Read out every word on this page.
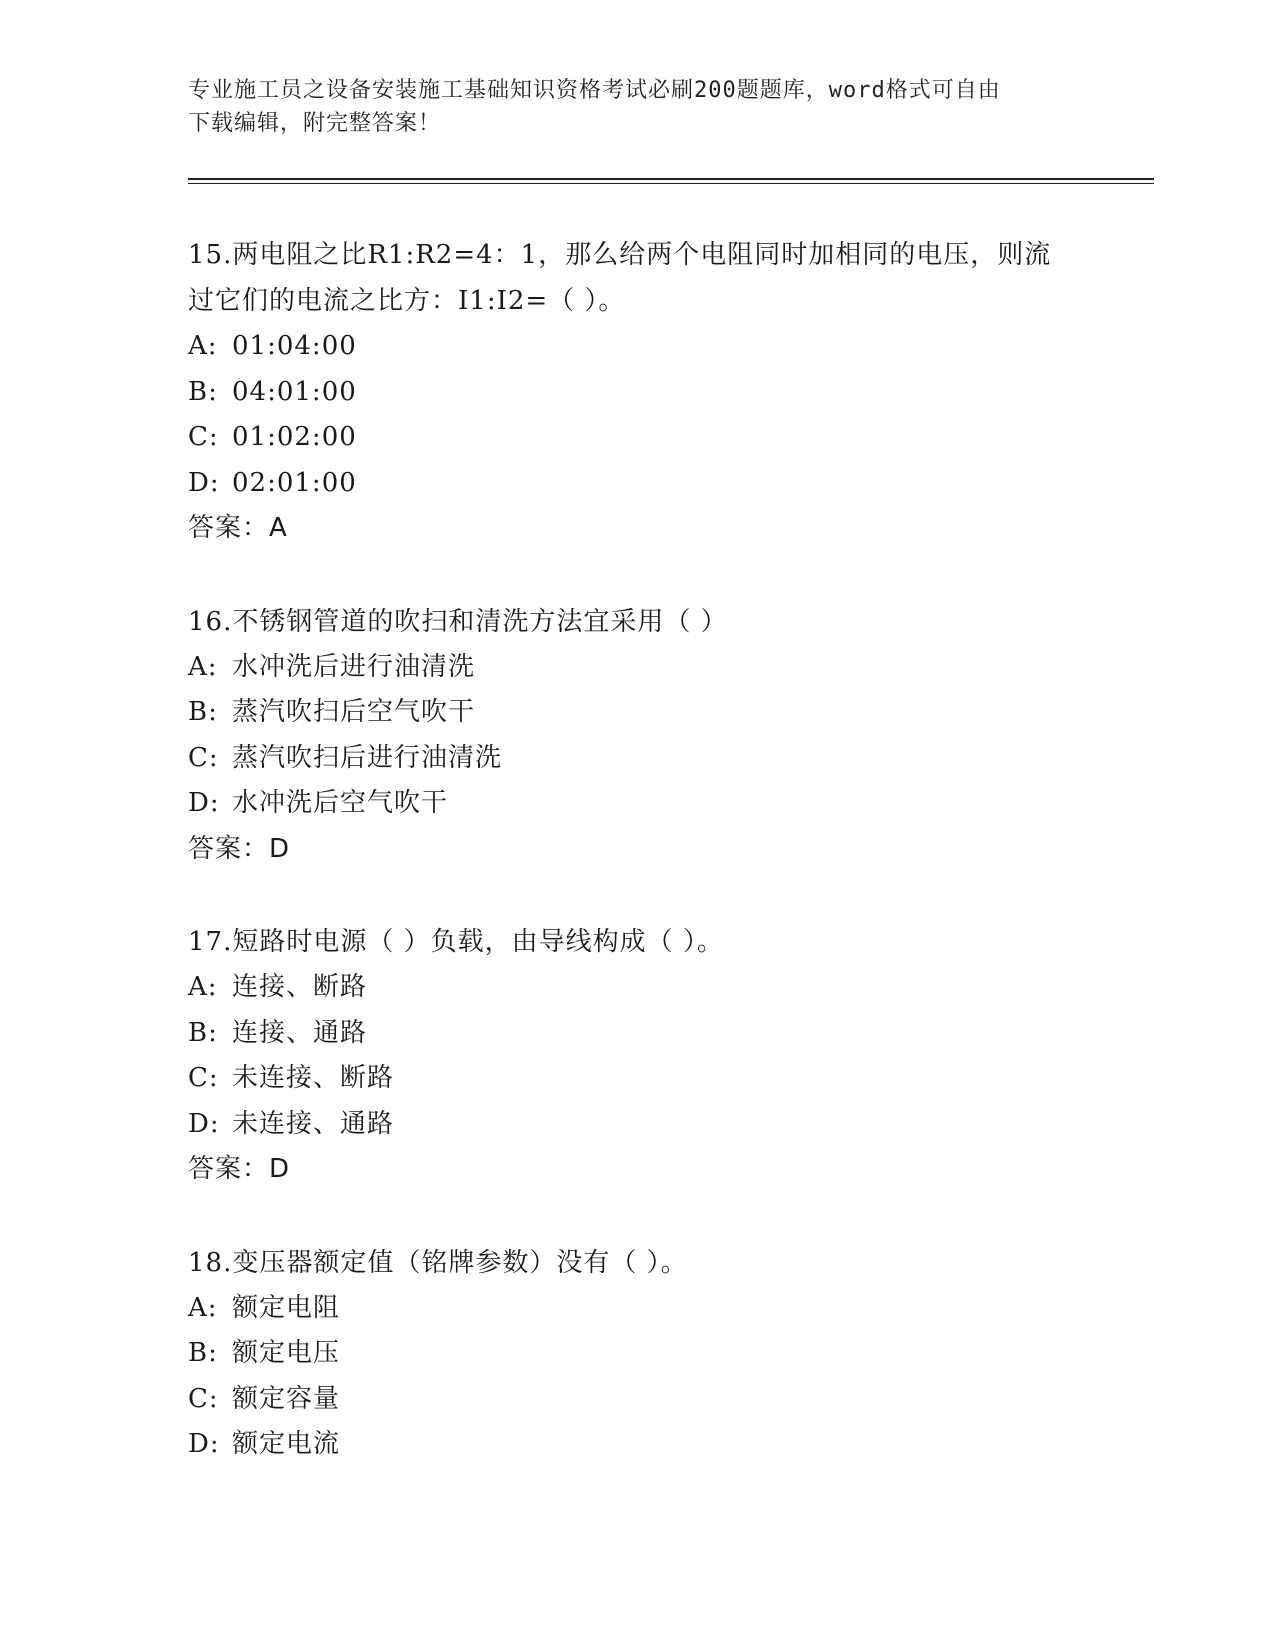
专业施工员之设备安装施工基础知识资格考试必刷200题题库，word格式可自由
下载编辑，附完整答案！
15.两电阻之比R1:R2=4：1，那么给两个电阻同时加相同的电压，则流
过它们的电流之比方：I1:I2=（ ）。
A: 01:04:00
B: 04:01:00
C: 01:02:00
D: 02:01:00
答案：A
16.不锈钢管道的吹扫和清洗方法宜采用（ ）
A: 水冲洗后进行油清洗
B: 蒸汽吹扫后空气吹干
C: 蒸汽吹扫后进行油清洗
D: 水冲洗后空气吹干
答案：D
17.短路时电源（ ）负载，由导线构成（ ）。
A: 连接、断路
B: 连接、通路
C: 未连接、断路
D: 未连接、通路
答案：D
18.变压器额定值（铭牌参数）没有（ ）。
A: 额定电阻
B: 额定电压
C: 额定容量
D: 额定电流
